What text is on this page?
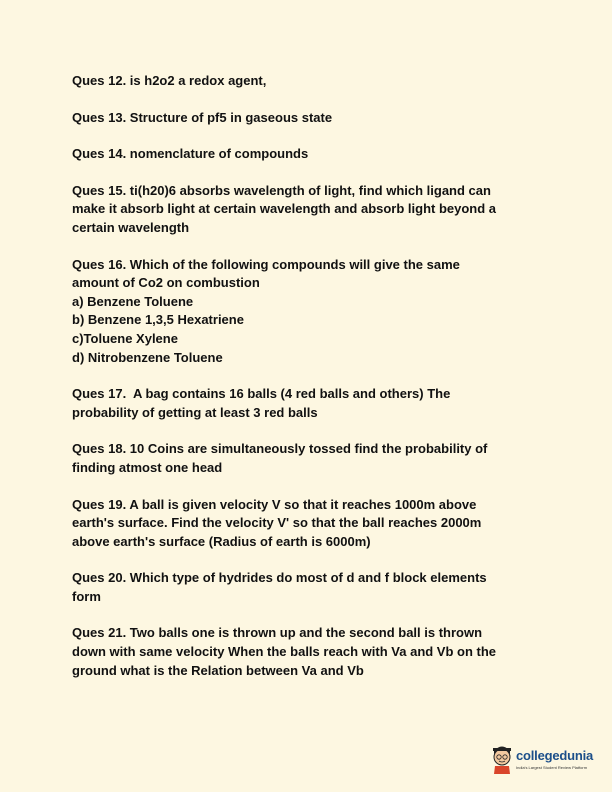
Ques 12. is h2o2 a redox agent,

Ques 13. Structure of pf5 in gaseous state

Ques 14. nomenclature of compounds

Ques 15. ti(h20)6 absorbs wavelength of light, find which ligand can

make it absorb light at certain wavelength and absorb light beyond a

certain wavelength

Ques 16. Which of the following compounds will give the same

amount of Co2 on combustion

a) Benzene Toluene

b) Benzene 1,3,5 Hexatriene

c)Toluene Xylene

d) Nitrobenzene Toluene

Ques 17.  A bag contains 16 balls (4 red balls and others) The

probability of getting at least 3 red balls

Ques 18. 10 Coins are simultaneously tossed find the probability of

finding atmost one head

Ques 19. A ball is given velocity V so that it reaches 1000m above

earth's surface. Find the velocity V' so that the ball reaches 2000m

above earth's surface (Radius of earth is 6000m)

Ques 20. Which type of hydrides do most of d and f block elements

form

Ques 21. Two balls one is thrown up and the second ball is thrown

down with same velocity When the balls reach with Va and Vb on the

ground what is the Relation between Va and Vb

collegedunia
India's Largest Student Review Platform
